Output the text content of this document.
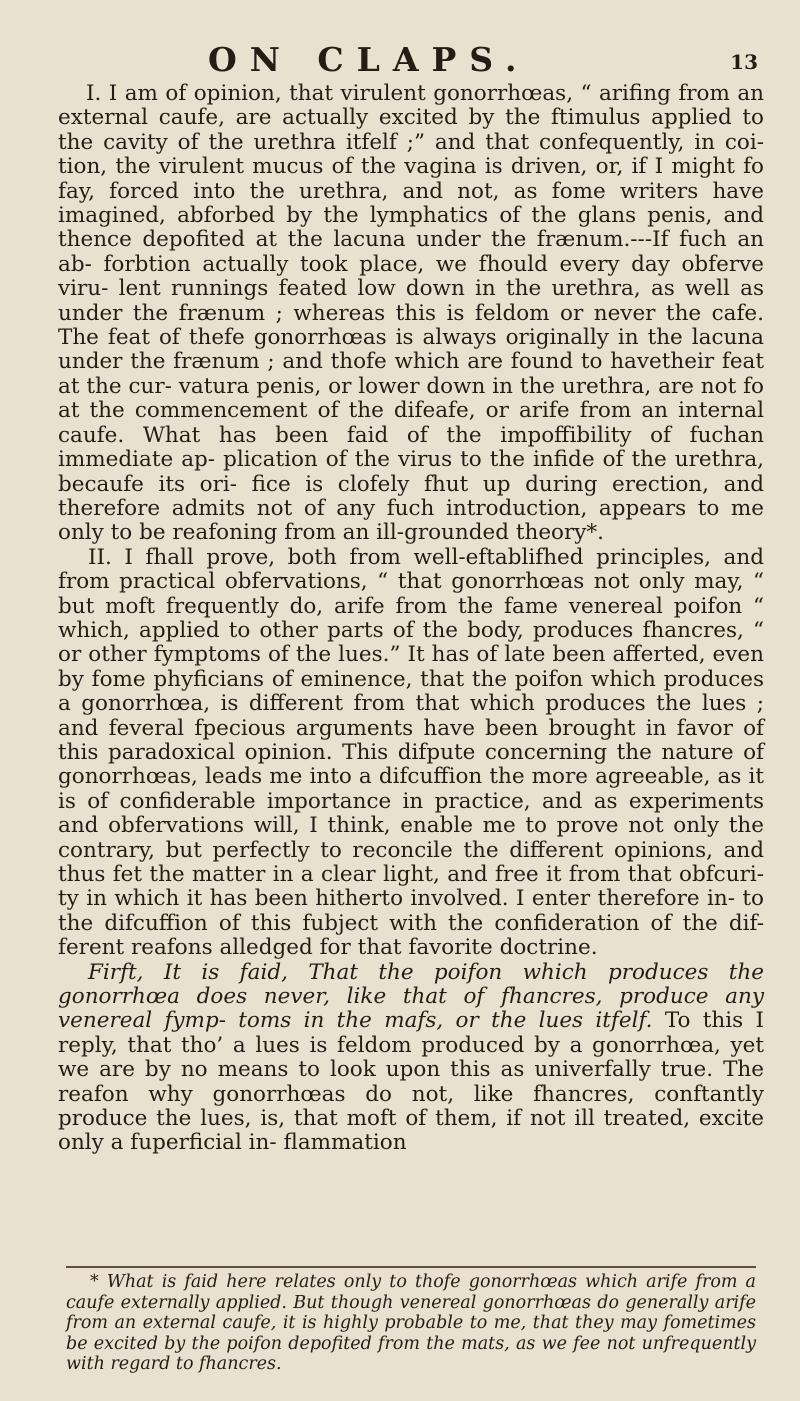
ON CLAPS.	13

I. I am of opinion, that virulent gonorrhœas, “ arifing from an external caufe, are actually excited by the ftimulus applied to the cavity of the urethra itfelf ;” and that confequently, in coi- tion, the virulent mucus of the vagina is driven, or, if I might fo fay, forced into the urethra, and not, as fome writers have imagined, abforbed by the lymphatics of the glans penis, and thence depofited at the lacuna under the frænum.---If fuch an ab- forbtion actually took place, we fhould every day obferve viru- lent runnings feated low down in the urethra, as well as under the frænum ; whereas this is feldom or never the cafe. The feat of thefe gonorrhœas is always originally in the lacuna under the frænum ; and thofe which are found to havetheir feat at the cur- vatura penis, or lower down in the urethra, are not fo at the commencement of the difeafe, or arife from an internal caufe. What has been faid of the impoffibility of fuchan immediate ap- plication of the virus to the infide of the urethra, becaufe its ori- fice is clofely fhut up during erection, and therefore admits not of any fuch introduction, appears to me only to be reafoning from an ill-grounded theory*.

II. I fhall prove, both from well-eftablifhed principles, and from practical obfervations, “ that gonorrhœas not only may, “ but moft frequently do, arife from the fame venereal poifon “ which, applied to other parts of the body, produces fhancres, “ or other fymptoms of the lues.” It has of late been afferted, even by fome phyficians of eminence, that the poifon which produces a gonorrhœa, is different from that which produces the lues ; and feveral fpecious arguments have been brought in favor of this paradoxical opinion. This difpute concerning the nature of gonorrhœas, leads me into a difcuffion the more agreeable, as it is of confiderable importance in practice, and as experiments and obfervations will, I think, enable me to prove not only the contrary, but perfectly to reconcile the different opinions, and thus fet the matter in a clear light, and free it from that obfcuri- ty in which it has been hitherto involved. I enter therefore in- to the difcuffion of this fubject with the confideration of the dif- ferent reafons alledged for that favorite doctrine.

Firft, It is faid, That the poifon which produces the gonorrhœa does never, like that of fhancres, produce any venereal fymp- toms in the mafs, or the lues itfelf. To this I reply, that tho’ a lues is feldom produced by a gonorrhœa, yet we are by no means to look upon this as univerfally true. The reafon why gonorrhœas do not, like fhancres, conftantly produce the lues, is, that moft of them, if not ill treated, excite only a fuperficial in- flammation

* What is faid here relates only to thofe gonorrhœas which arife from a caufe externally applied. But though venereal gonorrhœas do generally arife from an external caufe, it is highly probable to me, that they may fometimes be excited by the poifon depofited from the mats, as we fee not unfrequently with regard to fhancres.
